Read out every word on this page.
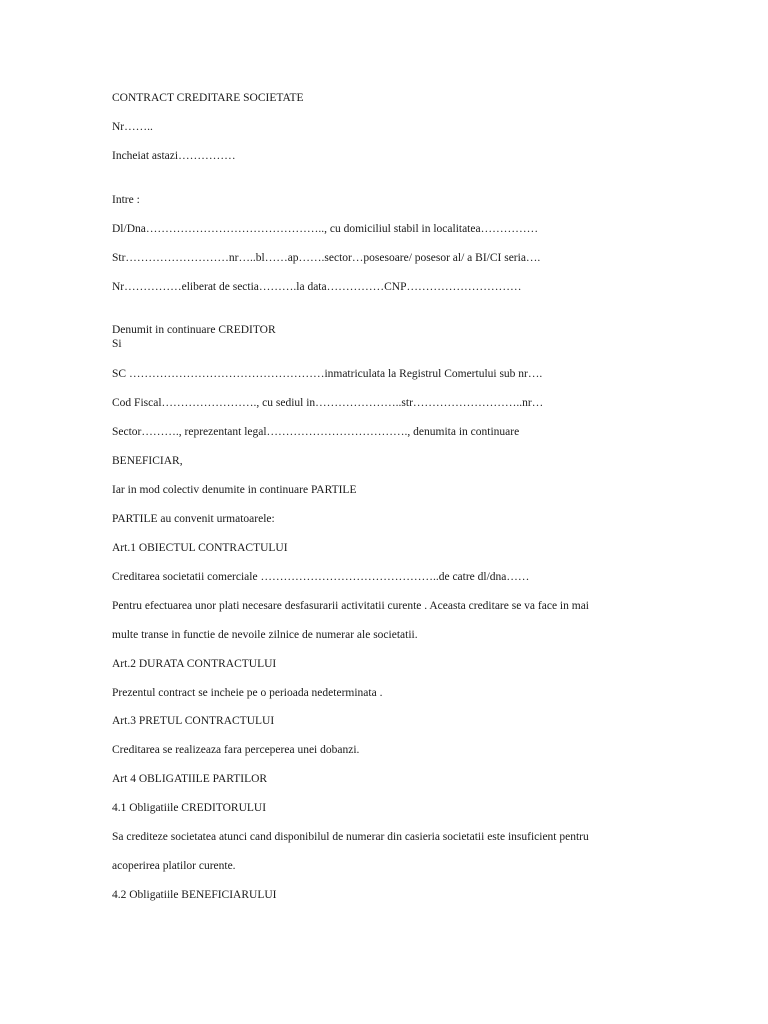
CONTRACT CREDITARE SOCIETATE
Nr……..
Incheiat astazi……………
Intre :
Dl/Dna……………………………………….., cu domiciliul stabil in localitatea……………
Str………………………nr…..bl……ap…….sector…posesoare/ posesor al/ a BI/CI seria….
Nr……………eliberat de sectia……….la data……………CNP…………………………
Denumit in continuare CREDITOR
Si
SC ……………………………………………inmatriculata la Registrul Comertului sub nr….
Cod Fiscal……………………., cu sediul in…………………..str………………………..nr…
Sector………., reprezentant legal………………………………., denumita in continuare
BENEFICIAR,
Iar in mod colectiv denumite in continuare PARTILE
PARTILE au convenit urmatoarele:
Art.1 OBIECTUL CONTRACTULUI
Creditarea societatii comerciale ………………………………………..de catre dl/dna……
Pentru efectuarea unor plati necesare desfasurarii activitatii curente . Aceasta creditare se va face in mai
multe transe in functie de nevoile zilnice de numerar ale societatii.
Art.2 DURATA CONTRACTULUI
Prezentul contract se incheie pe o perioada nedeterminata .
Art.3 PRETUL CONTRACTULUI
Creditarea se realizeaza fara perceperea unei dobanzi.
Art 4 OBLIGATIILE PARTILOR
4.1 Obligatiile CREDITORULUI
Sa crediteze societatea atunci cand disponibilul de numerar din casieria societatii este insuficient pentru
acoperirea platilor curente.
4.2 Obligatiile BENEFICIARULUI
